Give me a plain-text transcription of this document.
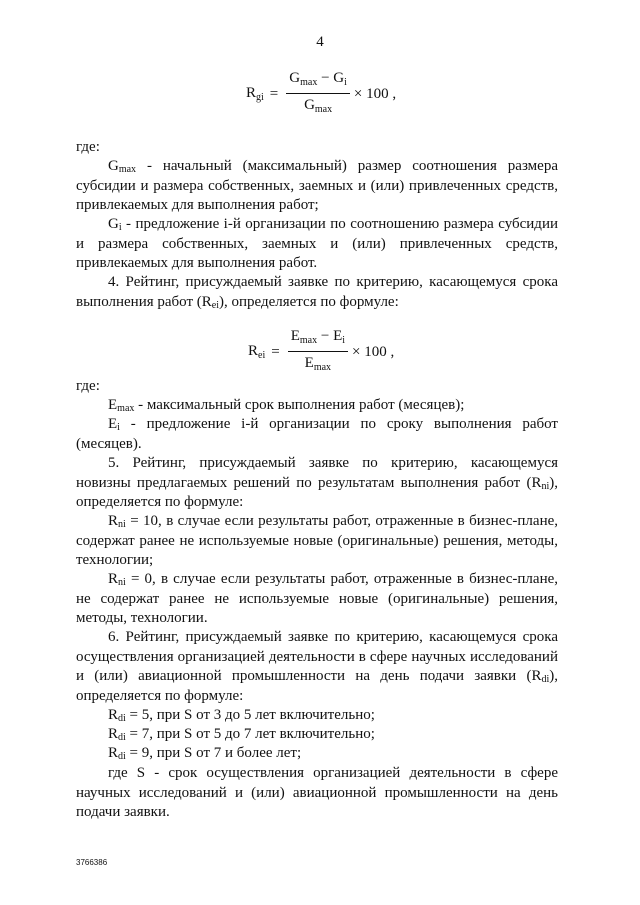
4
$R_{gi} = \frac{G_{max} - G_i}{G_{max}} \times 100$ ,

где:

$G_{max}$ - начальный (максимальный) размер соотношения размера субсидии и размера собственных, заемных и (или) привлеченных средств, привлекаемых для выполнения работ;

$G_i$ - предложение i-й организации по соотношению размера субсидии и размера собственных, заемных и (или) привлеченных средств, привлекаемых для выполнения работ.

4. Рейтинг, присуждаемый заявке по критерию, касающемуся срока выполнения работ $(R_{ei})$, определяется по формуле:

$R_{ei} = \frac{E_{max} - E_i}{E_{max}} \times 100$ ,

где:

$E_{max}$ - максимальный срок выполнения работ (месяцев);

$E_i$ - предложение i-й организации по сроку выполнения работ (месяцев).

5. Рейтинг, присуждаемый заявке по критерию, касающемуся новизны предлагаемых решений по результатам выполнения работ $(R_{ni})$, определяется по формуле:

$R_{ni} = 10$, в случае если результаты работ, отраженные в бизнес-плане, содержат ранее не используемые новые (оригинальные) решения, методы, технологии;

$R_{ni} = 0$, в случае если результаты работ, отраженные в бизнес-плане, не содержат ранее не используемые новые (оригинальные) решения, методы, технологии.

6. Рейтинг, присуждаемый заявке по критерию, касающемуся срока осуществления организацией деятельности в сфере научных исследований и (или) авиационной промышленности на день подачи заявки $(R_{di})$, определяется по формуле:

$R_{di} = 5$, при S от 3 до 5 лет включительно;

$R_{di} = 7$, при S от 5 до 7 лет включительно;

$R_{di} = 9$, при S от 7 и более лет;

где S - срок осуществления организацией деятельности в сфере научных исследований и (или) авиационной промышленности на день подачи заявки.

3766386
